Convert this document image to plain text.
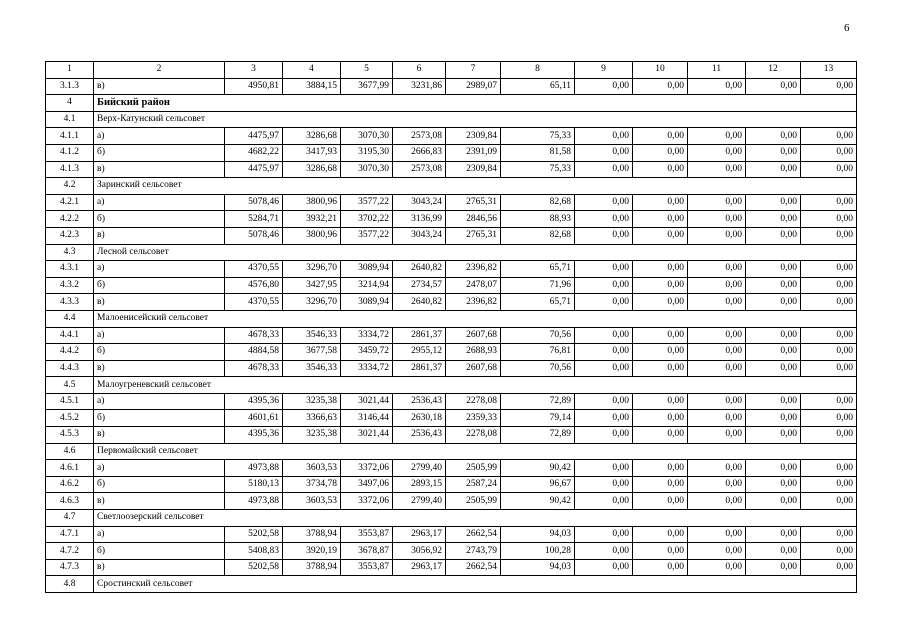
6
1	2	3	4	5	6	7	8	9	10	11	12	13
3.1.3	в)	4950,81	3884,15	3677,99	3231,86	2989,07	65,11	0,00	0,00	0,00	0,00	0,00
4	Бийский район											
4.1	Верх-Катунский сельсовет											
4.1.1	а)	4475,97	3286,68	3070,30	2573,08	2309,84	75,33	0,00	0,00	0,00	0,00	0,00
4.1.2	б)	4682,22	3417,93	3195,30	2666,83	2391,09	81,58	0,00	0,00	0,00	0,00	0,00
4.1.3	в)	4475,97	3286,68	3070,30	2573,08	2309,84	75,33	0,00	0,00	0,00	0,00	0,00
4.2	Заринский сельсовет											
4.2.1	а)	5078,46	3800,96	3577,22	3043,24	2765,31	82,68	0,00	0,00	0,00	0,00	0,00
4.2.2	б)	5284,71	3932,21	3702,22	3136,99	2846,56	88,93	0,00	0,00	0,00	0,00	0,00
4.2.3	в)	5078,46	3800,96	3577,22	3043,24	2765,31	82,68	0,00	0,00	0,00	0,00	0,00
4.3	Лесной сельсовет											
4.3.1	а)	4370,55	3296,70	3089,94	2640,82	2396,82	65,71	0,00	0,00	0,00	0,00	0,00
4.3.2	б)	4576,80	3427,95	3214,94	2734,57	2478,07	71,96	0,00	0,00	0,00	0,00	0,00
4.3.3	в)	4370,55	3296,70	3089,94	2640,82	2396,82	65,71	0,00	0,00	0,00	0,00	0,00
4.4	Малоенисейский сельсовет											
4.4.1	а)	4678,33	3546,33	3334,72	2861,37	2607,68	70,56	0,00	0,00	0,00	0,00	0,00
4.4.2	б)	4884,58	3677,58	3459,72	2955,12	2688,93	76,81	0,00	0,00	0,00	0,00	0,00
4.4.3	в)	4678,33	3546,33	3334,72	2861,37	2607,68	70,56	0,00	0,00	0,00	0,00	0,00
4.5	Малоугреневский сельсовет											
4.5.1	а)	4395,36	3235,38	3021,44	2536,43	2278,08	72,89	0,00	0,00	0,00	0,00	0,00
4.5.2	б)	4601,61	3366,63	3146,44	2630,18	2359,33	79,14	0,00	0,00	0,00	0,00	0,00
4.5.3	в)	4395,36	3235,38	3021,44	2536,43	2278,08	72,89	0,00	0,00	0,00	0,00	0,00
4.6	Первомайский сельсовет											
4.6.1	а)	4973,88	3603,53	3372,06	2799,40	2505,99	90,42	0,00	0,00	0,00	0,00	0,00
4.6.2	б)	5180,13	3734,78	3497,06	2893,15	2587,24	96,67	0,00	0,00	0,00	0,00	0,00
4.6.3	в)	4973,88	3603,53	3372,06	2799,40	2505,99	90,42	0,00	0,00	0,00	0,00	0,00
4.7	Светлоозерский сельсовет											
4.7.1	а)	5202,58	3788,94	3553,87	2963,17	2662,54	94,03	0,00	0,00	0,00	0,00	0,00
4.7.2	б)	5408,83	3920,19	3678,87	3056,92	2743,79	100,28	0,00	0,00	0,00	0,00	0,00
4.7.3	в)	5202,58	3788,94	3553,87	2963,17	2662,54	94,03	0,00	0,00	0,00	0,00	0,00
4.8	Сростинский сельсовет											
